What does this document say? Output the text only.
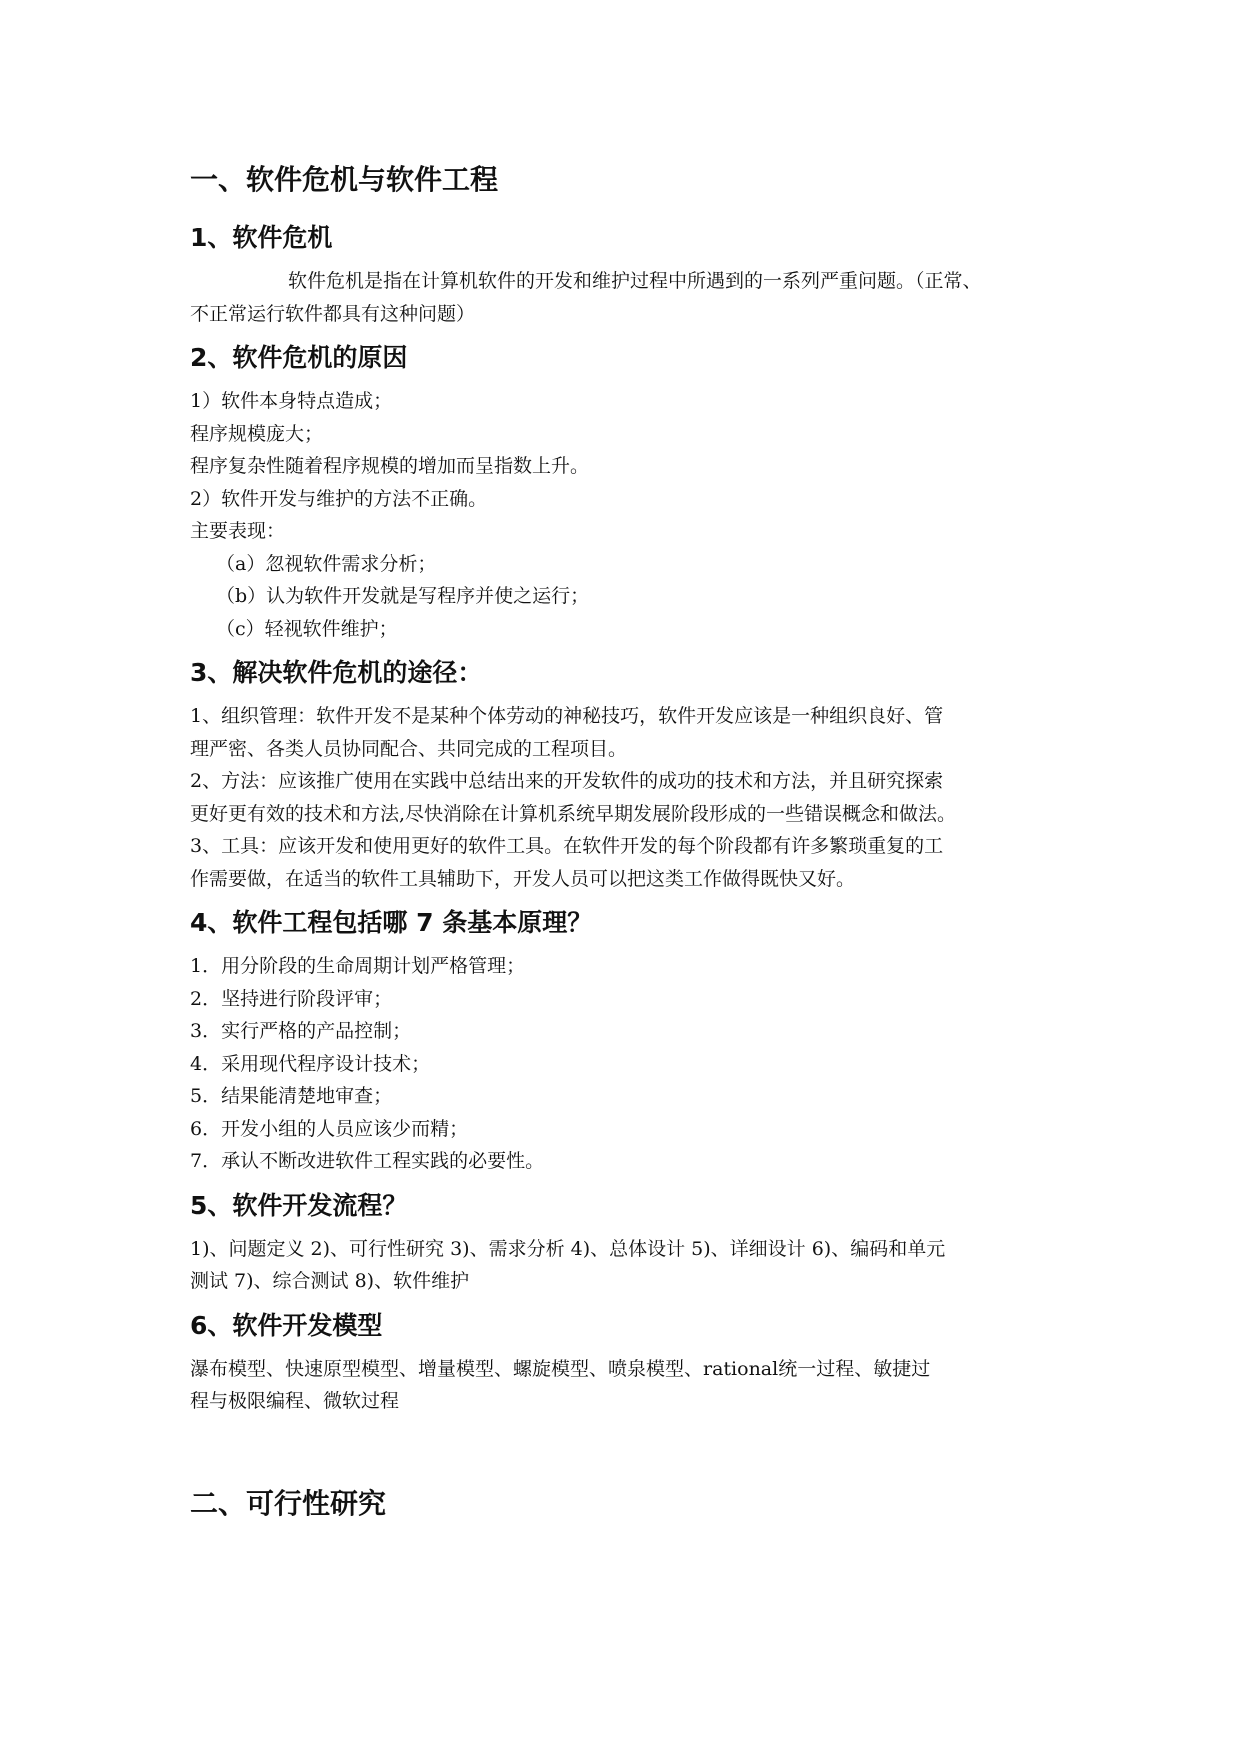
一、软件危机与软件工程
1、软件危机
软件危机是指在计算机软件的开发和维护过程中所遇到的一系列严重问题。（正常、
不正常运行软件都具有这种问题）
2、软件危机的原因
1）软件本身特点造成；
程序规模庞大；
程序复杂性随着程序规模的增加而呈指数上升。
2）软件开发与维护的方法不正确。
主要表现：
（a）忽视软件需求分析；
（b）认为软件开发就是写程序并使之运行；
（c）轻视软件维护；
3、解决软件危机的途径：
1、组织管理：软件开发不是某种个体劳动的神秘技巧，软件开发应该是一种组织良好、管
理严密、各类人员协同配合、共同完成的工程项目。
2、方法：应该推广使用在实践中总结出来的开发软件的成功的技术和方法，并且研究探索
更好更有效的技术和方法,尽快消除在计算机系统早期发展阶段形成的一些错误概念和做法。
3、工具：应该开发和使用更好的软件工具。在软件开发的每个阶段都有许多繁琐重复的工
作需要做，在适当的软件工具辅助下，开发人员可以把这类工作做得既快又好。
4、软件工程包括哪 7 条基本原理？
1．用分阶段的生命周期计划严格管理；
2．坚持进行阶段评审；
3．实行严格的产品控制；
4．采用现代程序设计技术；
5．结果能清楚地审查；
6．开发小组的人员应该少而精；
7．承认不断改进软件工程实践的必要性。
5、软件开发流程？
1)、问题定义 2)、可行性研究 3)、需求分析 4)、总体设计 5)、详细设计 6)、编码和单元
测试 7)、综合测试 8)、软件维护
6、软件开发模型
瀑布模型、快速原型模型、增量模型、螺旋模型、喷泉模型、rational统一过程、敏捷过
程与极限编程、微软过程
二、可行性研究
